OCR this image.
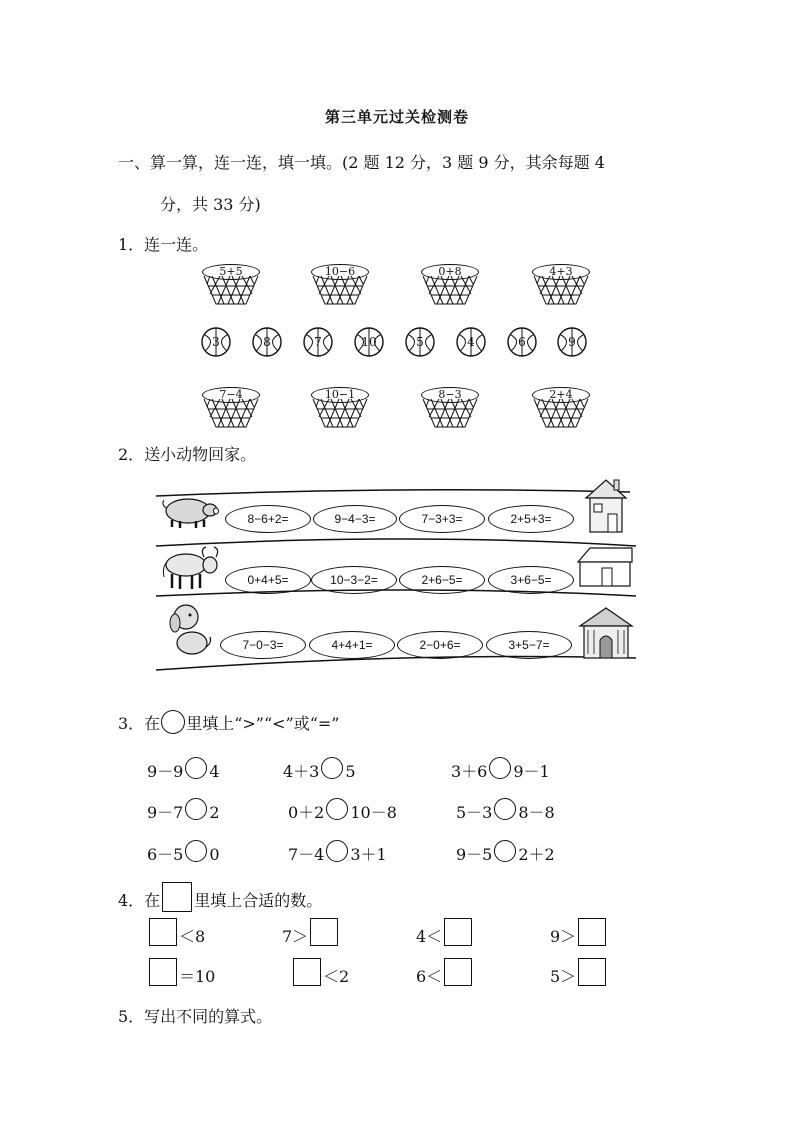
第三单元过关检测卷
一、算一算，连一连，填一填。(2 题 12 分，3 题 9 分，其余每题 4
分，共 33 分)
1．连一连。
5+5	10−6	0+8	4+3
3	8	7	10	5	4	6	9
7−4	10−1	8−3	2+4
2．送小动物回家。
8−6+2=	9−4−3=	7−3+3=	2+5+3=
0+4+5=	10−3−2=	2+6−5=	3+6−5=
7−0−3=	4+4+1=	2−0+6=	3+5−7=
3．在 里填上“>”“<”或“=”
9－9 4	4＋3 5	3＋6 9－1
9－7 2	0＋2 10－8	5－3 8－8
6－5 0	7－4 3＋1	9－5 2＋2
4．在 里填上合适的数。
＜8	7＞	4＜	9＞
＝10	＜2	6＜	5＞
5．写出不同的算式。
